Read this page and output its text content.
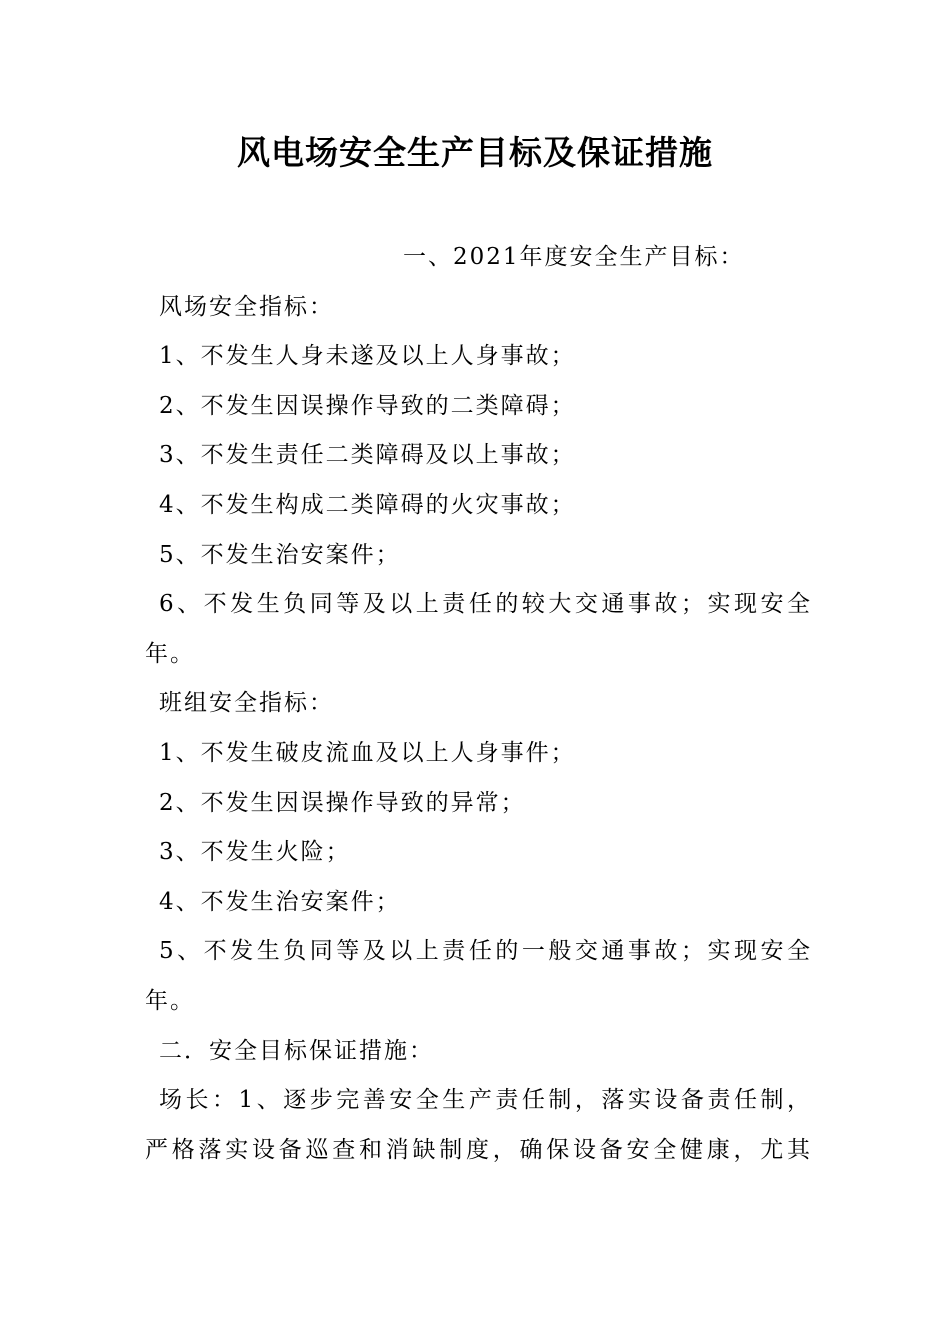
风电场安全生产目标及保证措施

一、2021年度安全生产目标：

风场安全指标：

1、不发生人身未遂及以上人身事故；

2、不发生因误操作导致的二类障碍；

3、不发生责任二类障碍及以上事故；

4、不发生构成二类障碍的火灾事故；

5、不发生治安案件；

6、不发生负同等及以上责任的较大交通事故；实现安全

年。

班组安全指标：

1、不发生破皮流血及以上人身事件；

2、不发生因误操作导致的异常；

3、不发生火险；

4、不发生治安案件；

5、不发生负同等及以上责任的一般交通事故；实现安全

年。

二．安全目标保证措施：

场长：1、逐步完善安全生产责任制，落实设备责任制，

严格落实设备巡查和消缺制度，确保设备安全健康，尤其
